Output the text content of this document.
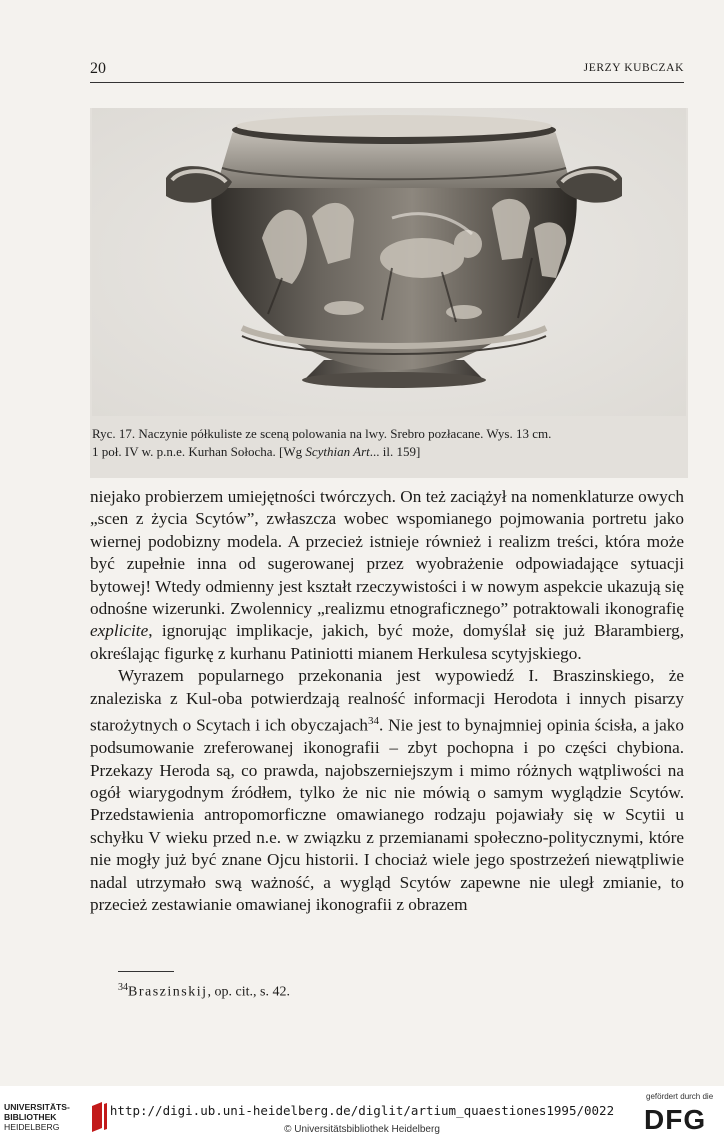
20	JERZY KUBCZAK
Ryc. 17. Naczynie półkuliste ze sceną polowania na lwy. Srebro pozłacane. Wys. 13 cm.
1 poł. IV w. p.n.e. Kurhan Sołocha. [Wg Scythian Art... il. 159]

niejako probierzem umiejętności twórczych. On też zaciążył na nomenklaturze owych „scen z życia Scytów”, zwłaszcza wobec wspomianego pojmowania portretu jako wiernej podobizny modela. A przecież istnieje również i realizm treści, która może być zupełnie inna od sugerowanej przez wyobrażenie odpowiadające sytuacji bytowej! Wtedy odmienny jest kształt rzeczywistości i w nowym aspekcie ukazują się odnośne wizerunki. Zwolennicy „realizmu etnograficznego” potraktowali ikonografię explicite, ignorując implikacje, jakich, być może, domyślał się już Błarambierg, określając figurkę z kurhanu Patiniotti mianem Herkulesa scytyjskiego.

Wyrazem popularnego przekonania jest wypowiedź I. Braszinskiego, że znaleziska z Kul-oba potwierdzają realność informacji Herodota i innych pisarzy starożytnych o Scytach i ich obyczajach$^{34}$. Nie jest to bynajmniej opinia ścisła, a jako podsumowanie zreferowanej ikonografii – zbyt pochopna i po części chybiona. Przekazy Heroda są, co prawda, najobszerniejszym i mimo różnych wątpliwości na ogół wiarygodnym źródłem, tylko że nic nie mówią o samym wyglądzie Scytów. Przedstawienia antropomorficzne omawianego rodzaju pojawiały się w Scytii u schyłku V wieku przed n.e. w związku z przemianami społeczno-politycznymi, które nie mogły już być znane Ojcu historii. I chociaż wiele jego spostrzeżeń niewątpliwie nadal utrzymało swą ważność, a wygląd Scytów zapewne nie uległ zmianie, to przecież zestawianie omawianej ikonografii z obrazem

$^{34}$Braszinskij, op. cit., s. 42.
UNIVERSITÄTS-
BIBLIOTHEK
HEIDELBERG
http://digi.ub.uni-heidelberg.de/diglit/artium_quaestiones1995/0022
© Universitätsbibliothek Heidelberg
gefördert durch die
DFG
